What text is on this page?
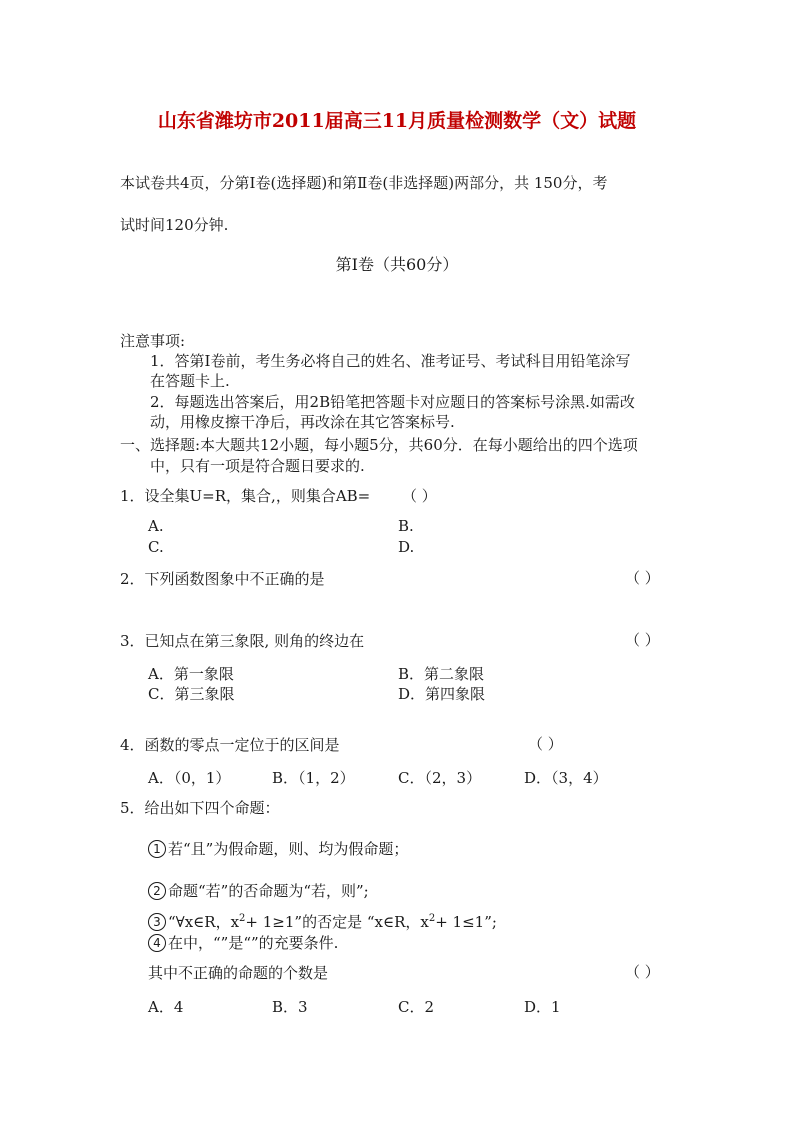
山东省潍坊市2011届高三11月质量检测数学（文）试题
本试卷共4页，分第Ⅰ卷(选择题)和第Ⅱ卷(非选择题)两部分，共 150分，考
试时间120分钟.
第Ⅰ卷（共60分）
注意事项:
1．答第Ⅰ卷前，考生务必将自己的姓名、准考证号、考试科目用铅笔涂写
在答题卡上.
2．每题选出答案后，用2B铅笔把答题卡对应题日的答案标号涂黑.如需改
动，用橡皮擦干净后，再改涂在其它答案标号.
一、选择题:本大题共12小题，每小题5分，共60分．在每小题给出的四个选项
中，只有一项是符合题日要求的.
1．设全集U=R，集合,，则集合AB= （ ）
A.	B.
C.	D.
2．下列函数图象中不正确的是	（ ）
3．已知点在第三象限, 则角的终边在	（ ）
A．第一象限	B．第二象限
C．第三象限	D．第四象限
4．函数的零点一定位于的区间是	（ ）
A．（0，1）	B．（1，2）	C．（2，3）	D．（3，4）
5．给出如下四个命题：
1 若“且”为假命题，则、均为假命题；
2 命题“若”的否命题为“若，则”;
3 “∀x∈R，$x^2+ 1\ge 1$”的否定是 “x∈R，$x^2+ 1\le 1$”;
4 在中，“”是“”的充要条件.
其中不正确的命题的个数是	（ ）
A．4	B．3	C．2	D．1
